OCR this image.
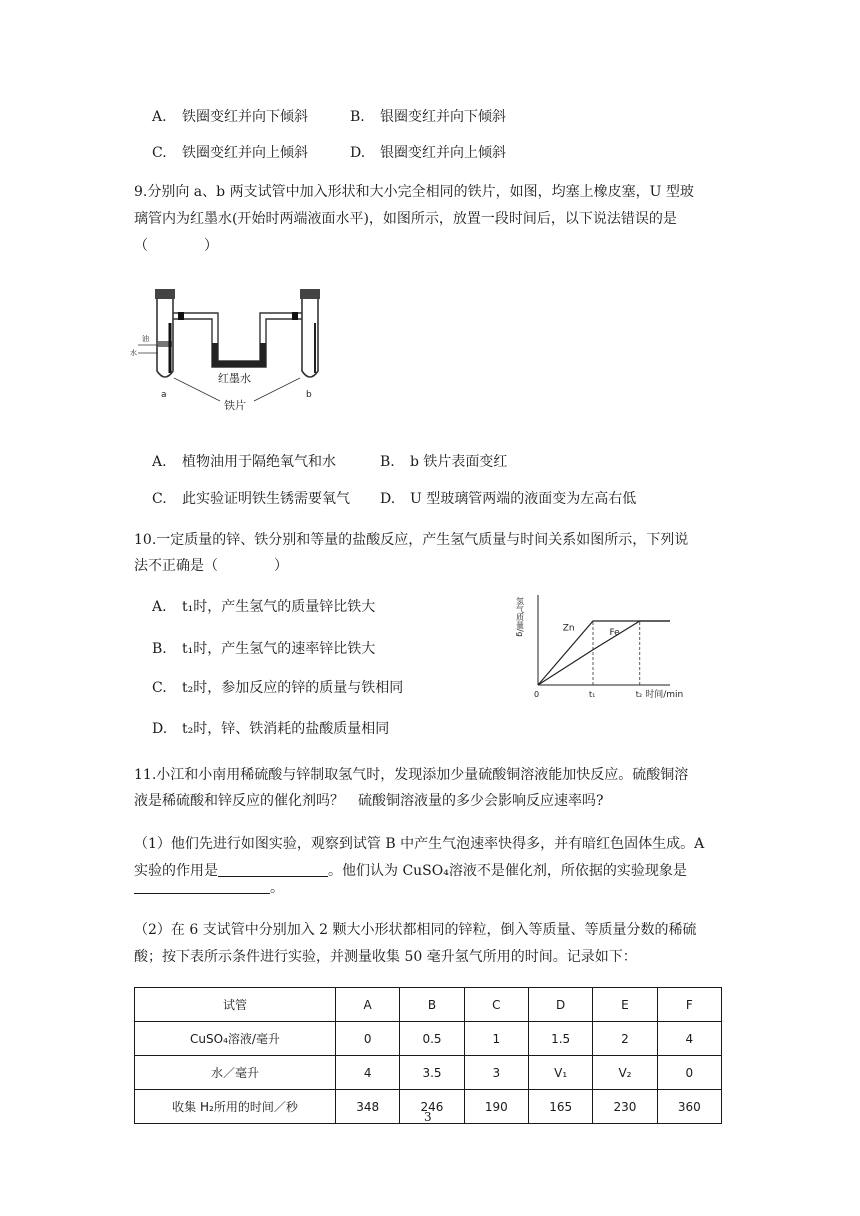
A. 铁圈变红并向下倾斜	B. 银圈变红并向下倾斜
C. 铁圈变红并向上倾斜	D. 银圈变红并向上倾斜
9.分别向 a、b 两支试管中加入形状和大小完全相同的铁片，如图，均塞上橡皮塞，U 型玻
璃管内为红墨水(开始时两端液面水平)，如图所示，放置一段时间后，以下说法错误的是
（　　　　）
油
水
红墨水
a	b
铁片
A. 植物油用于隔绝氧气和水	B. b 铁片表面变红
C. 此实验证明铁生锈需要氧气 D. U 型玻璃管两端的液面变为左高右低
10.一定质量的锌、铁分别和等量的盐酸反应，产生氢气质量与时间关系如图所示，下列说
法不正确是（　　　　）
A. t₁时，产生氢气的质量锌比铁大
B. t₁时，产生氢气的速率锌比铁大
C. t₂时，参加反应的锌的质量与铁相同
D. t₂时，锌、铁消耗的盐酸质量相同
t₁	t₂
Zn	Fe
0	时间/min
氢气质量/g
11.小江和小南用稀硫酸与锌制取氢气时，发现添加少量硫酸铜溶液能加快反应。硫酸铜溶
液是稀硫酸和锌反应的催化剂吗？　硫酸铜溶液量的多少会影响反应速率吗?
（1）他们先进行如图实验，观察到试管 B 中产生气泡速率快得多，并有暗红色固体生成。A
实验的作用是	。他们认为 CuSO₄溶液不是催化剂，所依据的实验现象是
。
（2）在 6 支试管中分别加入 2 颗大小形状都相同的锌粒，倒入等质量、等质量分数的稀硫
酸；按下表所示条件进行实验，并测量收集 50 毫升氢气所用的时间。记录如下：
试管	A	B	C	D	E	F
CuSO₄溶液/毫升	0	0.5	1	1.5	2	4
水／毫升	4	3.5	3	V₁	V₂	0
收集 H₂所用的时间／秒	348	246	190	165	230	360
3
